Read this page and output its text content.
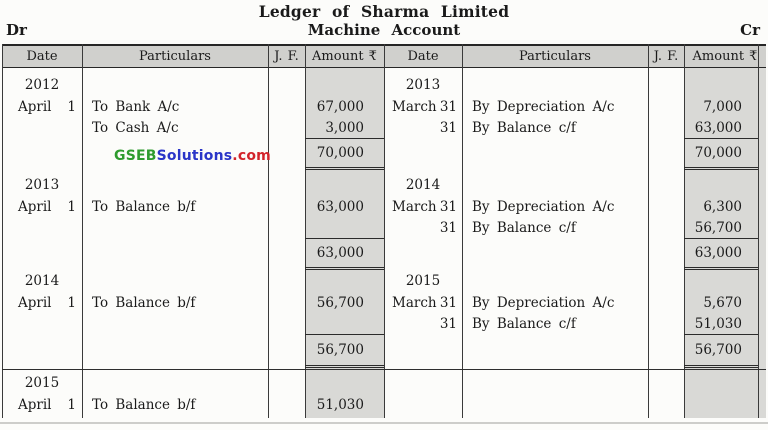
Ledger of Sharma Limited
Dr	Machine Account	Cr
Date	Particulars	J. F.	Amount ₹	Date	Particulars	J. F.	Amount ₹
2012	2013
April 1	To Bank A/c	67,000	March 31	By Depreciation A/c	7,000
To Cash A/c	3,000	31	By Balance c/f	63,000
70,000	70,000
2013	2014
April 1	To Balance b/f	63,000	March 31	By Depreciation A/c	6,300
31	By Balance c/f	56,700
63,000	63,000
2014	2015
April 1	To Balance b/f	56,700	March 31	By Depreciation A/c	5,670
31	By Balance c/f	51,030
56,700	56,700
2015
April 1	To Balance b/f	51,030
GSEBSolutions.com
